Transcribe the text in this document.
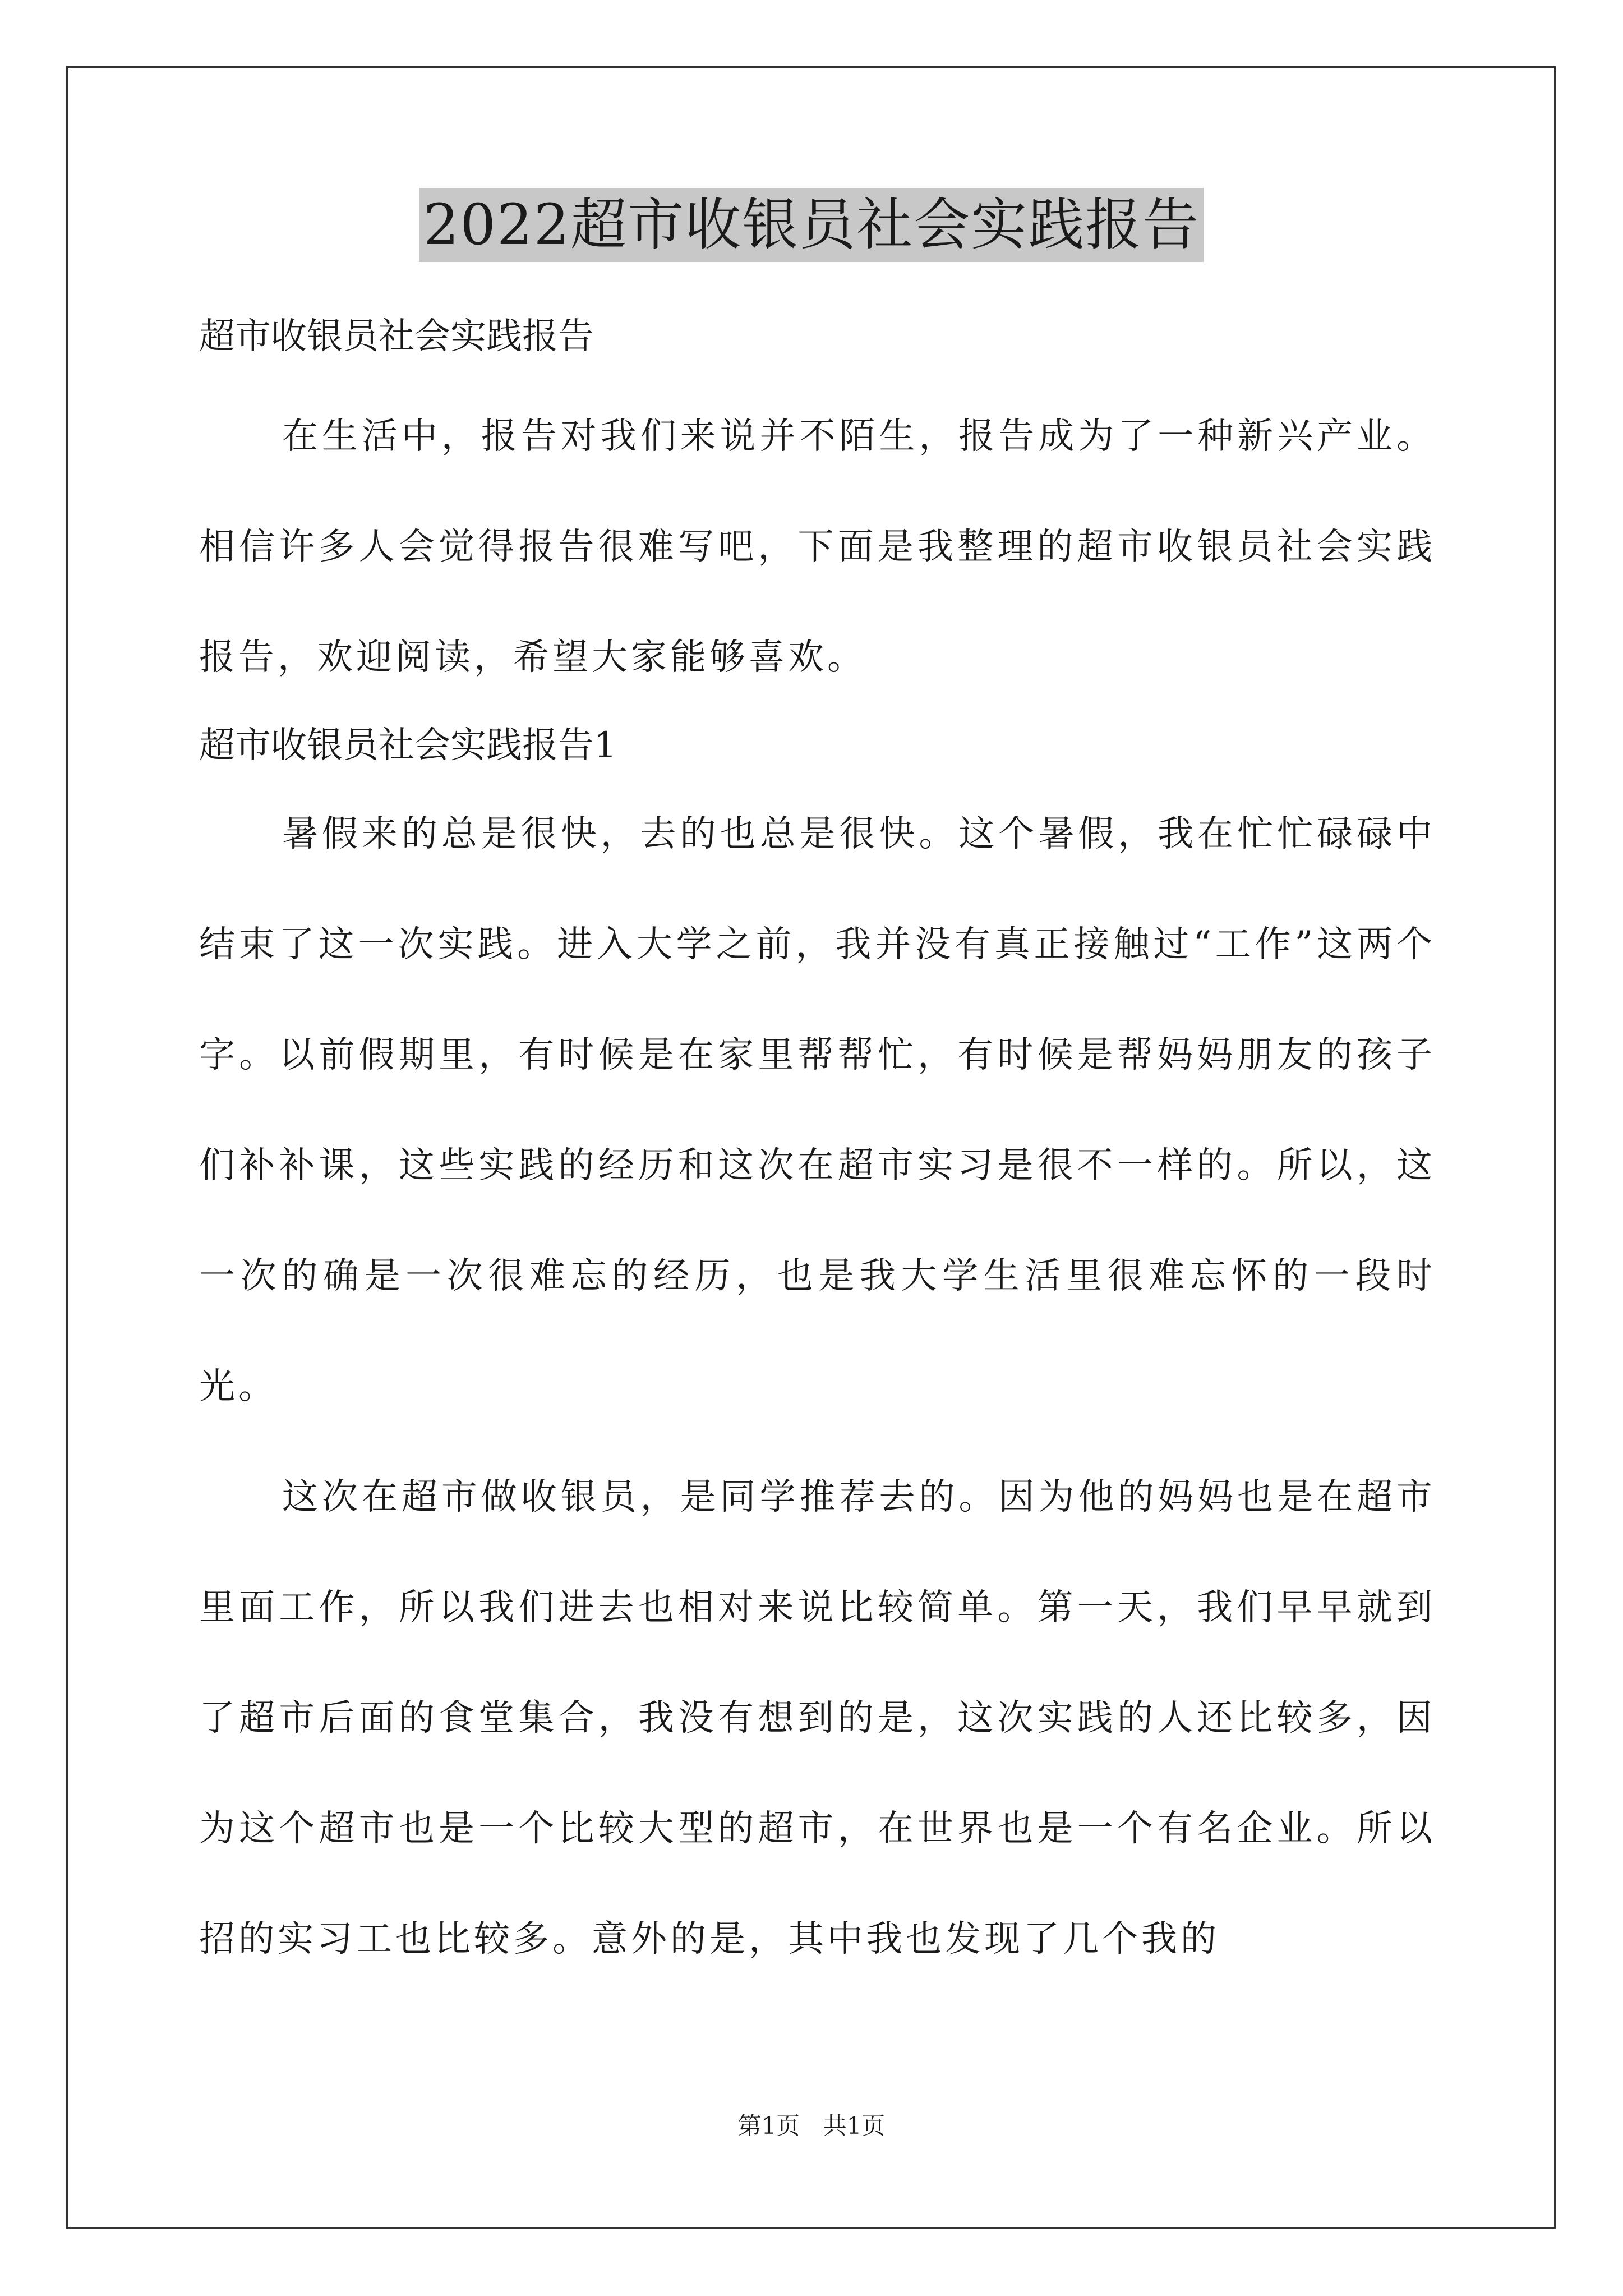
2022超市收银员社会实践报告

超市收银员社会实践报告

在生活中，报告对我们来说并不陌生，报告成为了一种新兴产业。相信许多人会觉得报告很难写吧，下面是我整理的超市收银员社会实践报告，欢迎阅读，希望大家能够喜欢。

超市收银员社会实践报告1

暑假来的总是很快，去的也总是很快。这个暑假，我在忙忙碌碌中结束了这一次实践。进入大学之前，我并没有真正接触过“工作”这两个字。以前假期里，有时候是在家里帮帮忙，有时候是帮妈妈朋友的孩子们补补课，这些实践的经历和这次在超市实习是很不一样的。所以，这一次的确是一次很难忘的经历，也是我大学生活里很难忘怀的一段时光。

这次在超市做收银员，是同学推荐去的。因为他的妈妈也是在超市里面工作，所以我们进去也相对来说比较简单。第一天，我们早早就到了超市后面的食堂集合，我没有想到的是，这次实践的人还比较多，因为这个超市也是一个比较大型的超市，在世界也是一个有名企业。所以招的实习工也比较多。意外的是，其中我也发现了几个我的

第1页 共1页
